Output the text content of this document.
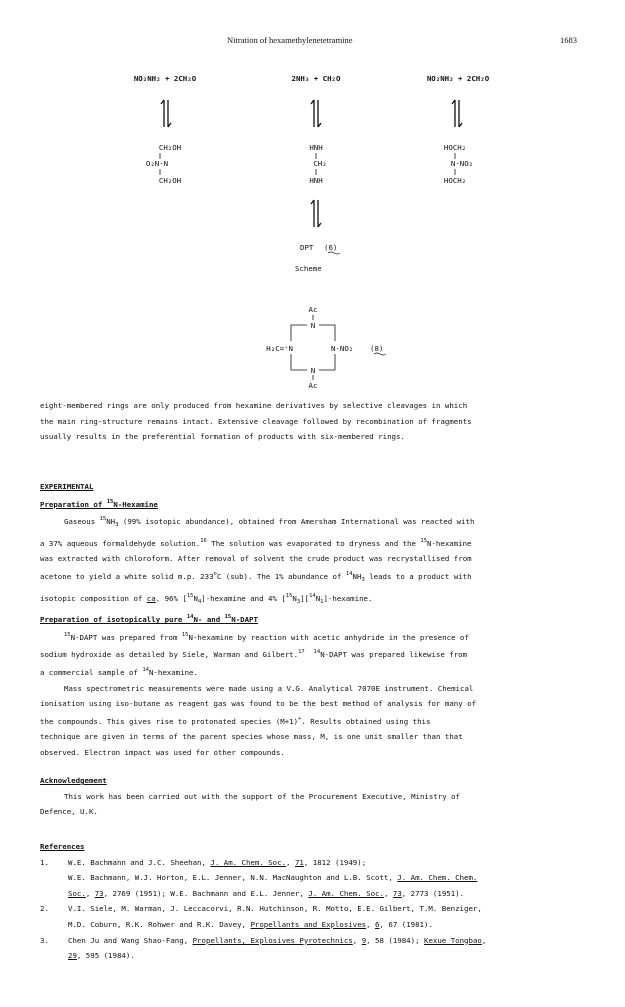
Nitration of hexamethylenetetramine	1683
NO₂NH₂ + 2CH₂O	2NH₃ + CH₂O	NO₂NH₂ + 2CH₂O
CH₂OH
O₂N-N
CH₂OH
HNH
CH₂
HNH
HOCH₂
N-NO₂
HOCH₂
DPT (6)
Scheme
Ac
N
H₂C=⁺N	N-NO₂ (8)
N
Ac

eight-membered rings are only produced from hexamine derivatives by selective cleavages in which

the main ring-structure remains intact. Extensive cleavage followed by recombination of fragments

usually results in the preferential formation of products with six-membered rings.

EXPERIMENTAL

Preparation of $^{15}$N-Hexamine

Gaseous $^{15}NH_3$ (99% isotopic abundance), obtained from Amersham International was reacted with

a 37% aqueous formaldehyde solution.$^{16}$ The solution was evaporated to dryness and the $^{15}$N-hexamine

was extracted with chloroform. After removal of solvent the crude product was recrystallised from

acetone to yield a white solid m.p. 233$^o$C (sub). The 1% abundance of $^{14}NH_3$ leads to a product with

isotopic composition of ca. 96% $[^{15}N_4]$-hexamine and 4% $[^{15}N_3][^{14}N_1]$-hexamine.

Preparation of isotopically pure $^{14}$N- and $^{15}$N-DAPT

$^{15}$N-DAPT was prepared from $^{15}$N-hexamine by reaction with acetic anhydride in the presence of

sodium hydroxide as detailed by Siele, Warman and Gilbert.$^{17}$ $^{14}$N-DAPT was prepared likewise from

a commercial sample of $^{14}$N-hexamine.

Mass spectrometric measurements were made using a V.G. Analytical 7070E instrument. Chemical

ionisation using iso-butane as reagent gas was found to be the best method of analysis for many of

the compounds. This gives rise to protonated species (M+1)+. Results obtained using this

technique are given in terms of the parent species whose mass, M, is one unit smaller than that

observed. Electron impact was used for other compounds.

Acknowledgement

This work has been carried out with the support of the Procurement Executive, Ministry of

Defence, U.K.

References

1.	W.E. Bachmann and J.C. Sheehan, J. Am. Chem. Soc., 71, 1812 (1949);

W.E. Bachmann, W.J. Horton, E.L. Jenner, N.N. MacNaughton and L.B. Scott, J. Am. Chem. Chem.

Soc., 73, 2769 (1951); W.E. Bachmann and E.L. Jenner, J. Am. Chem. Soc., 73, 2773 (1951).

2.	V.I. Siele, M. Warman, J. Leccacorvi, R.N. Hutchinson, R. Motto, E.E. Gilbert, T.M. Benziger,

M.D. Coburn, R.K. Rohwer and R.K. Davey, Propellants and Explosives, 6, 67 (1981).

3.	Chen Ju and Wang Shao-Fang, Propellants, Explosives Pyrotechnics, 9, 58 (1984); Kexue Tongbao,

29, 595 (1984).
